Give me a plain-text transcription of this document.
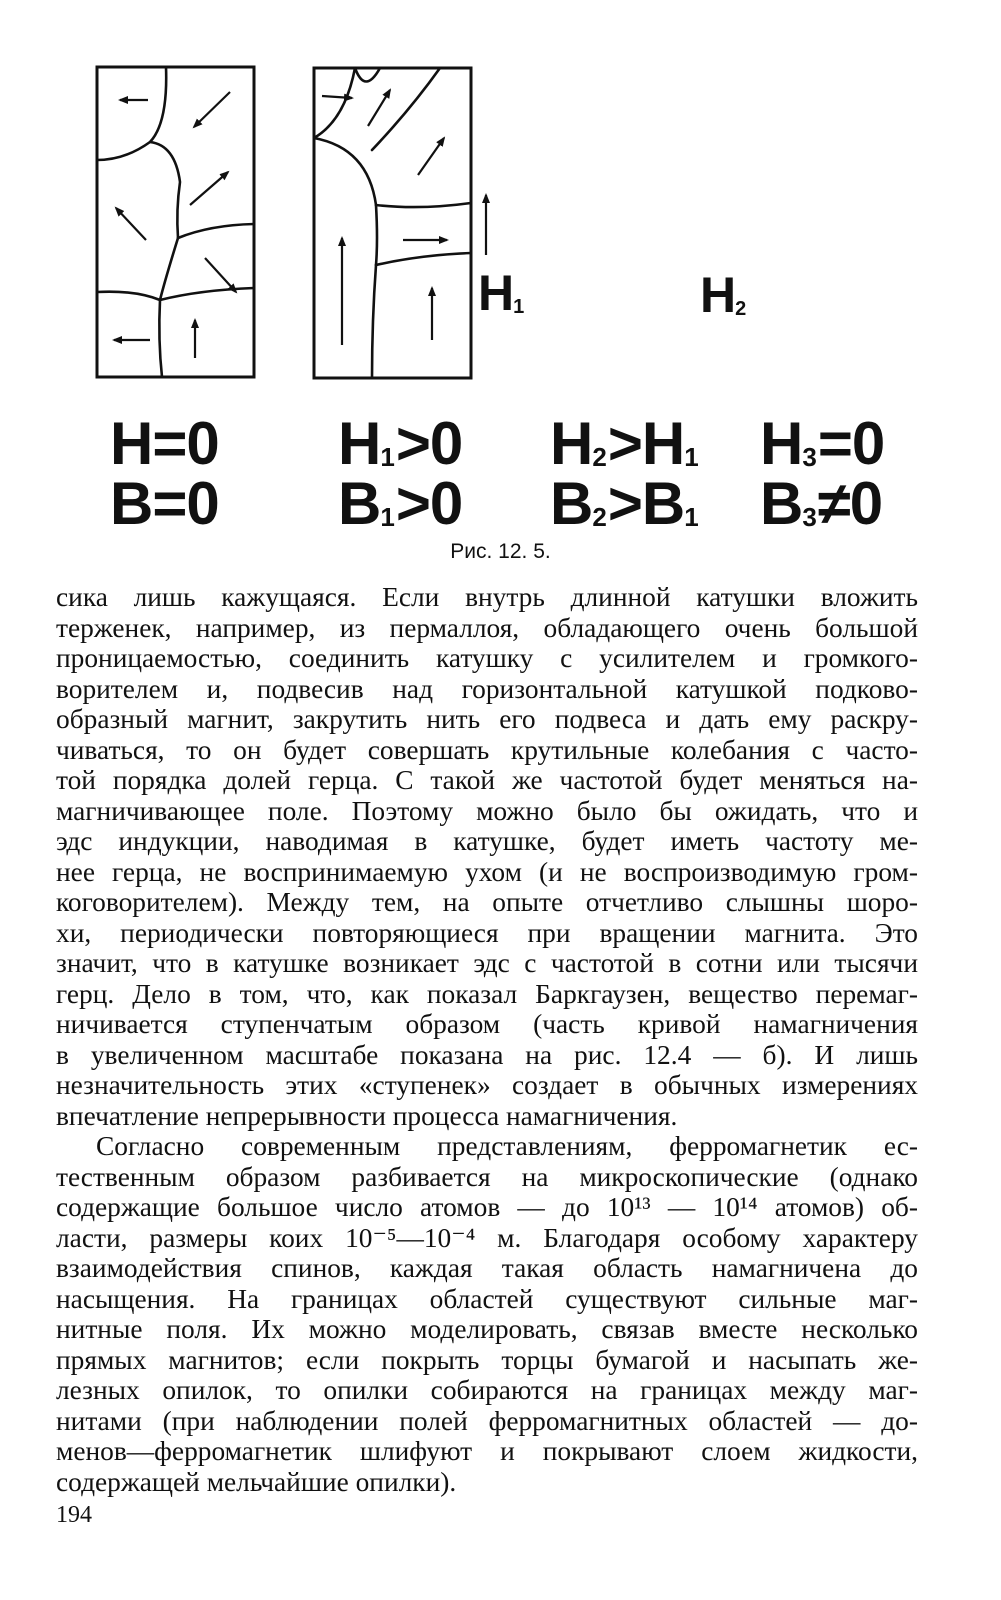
$H_1$	$H_2$
H=0
B=0
$H_1>0$
$B_1>0$
$H_2>H_1$
$B_2>B_1$
$H_3=0$
$B_3\ne 0$
Рис. 12. 5.

сика лишь кажущаяся. Если внутрь длинной катушки вложить
терженек, например, из пермаллоя, обладающего очень большой
проницаемостью, соединить катушку с усилителем и громкого-
ворителем и, подвесив над горизонтальной катушкой подково-
образный магнит, закрутить нить его подвеса и дать ему раскру-
чиваться, то он будет совершать крутильные колебания с часто-
той порядка долей герца. С такой же частотой будет меняться на-
магничивающее поле. Поэтому можно было бы ожидать, что и
эдс индукции, наводимая в катушке, будет иметь частоту ме-
нее герца, не воспринимаемую ухом (и не воспроизводимую гром-
коговорителем). Между тем, на опыте отчетливо слышны шоро-
хи, периодически повторяющиеся при вращении магнита. Это
значит, что в катушке возникает эдс с частотой в сотни или тысячи
герц. Дело в том, что, как показал Баркгаузен, вещество перемаг-
ничивается ступенчатым образом (часть кривой намагничения
в увеличенном масштабе показана на рис. 12.4 — б). И лишь
незначительность этих «ступенек» создает в обычных измерениях
впечатление непрерывности процесса намагничения.

Согласно современным представлениям, ферромагнетик ес-
тественным образом разбивается на микроскопические (однако
содержащие большое число атомов — до 10¹³ — 10¹⁴ атомов) об-
ласти, размеры коих 10⁻⁵—10⁻⁴ м. Благодаря особому характеру
взаимодействия спинов, каждая такая область намагничена до
насыщения. На границах областей существуют сильные маг-
нитные поля. Их можно моделировать, связав вместе несколько
прямых магнитов; если покрыть торцы бумагой и насыпать же-
лезных опилок, то опилки собираются на границах между маг-
нитами (при наблюдении полей ферромагнитных областей — до-
менов—ферромагнетик шлифуют и покрывают слоем жидкости,
содержащей мельчайшие опилки).

194
